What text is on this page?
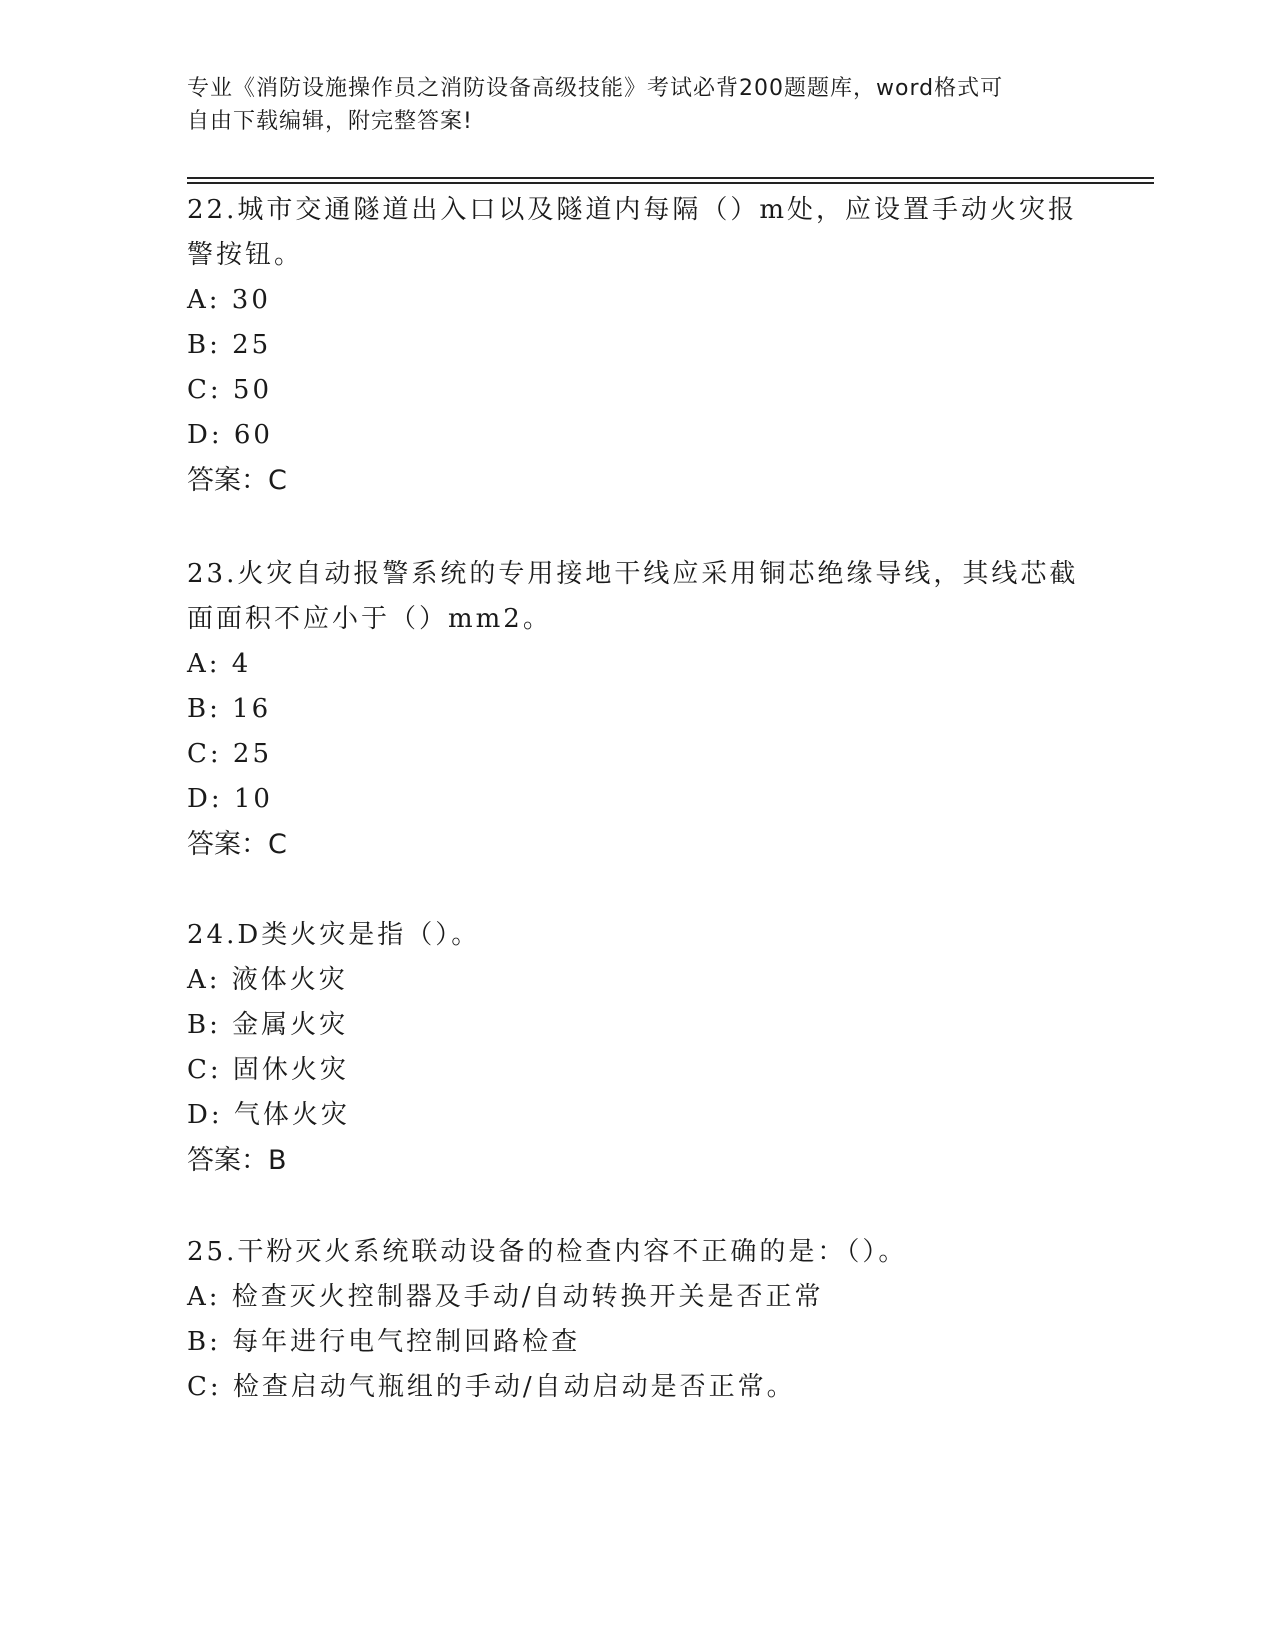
专业《消防设施操作员之消防设备高级技能》考试必背200题题库，word格式可
自由下载编辑，附完整答案!

22.城市交通隧道出入口以及隧道内每隔（）m处，应设置手动火灾报警按钮。

A: 30

B: 25

C: 50

D: 60

答案：C

23.火灾自动报警系统的专用接地干线应采用铜芯绝缘导线，其线芯截面面积不应小于（）mm2。

A: 4

B: 16

C: 25

D: 10

答案：C

24.D类火灾是指（）。

A: 液体火灾

B: 金属火灾

C: 固休火灾

D: 气体火灾

答案：B

25.干粉灭火系统联动设备的检查内容不正确的是：（）。

A: 检查灭火控制器及手动/自动转换开关是否正常

B: 每年进行电气控制回路检查

C: 检查启动气瓶组的手动/自动启动是否正常。
